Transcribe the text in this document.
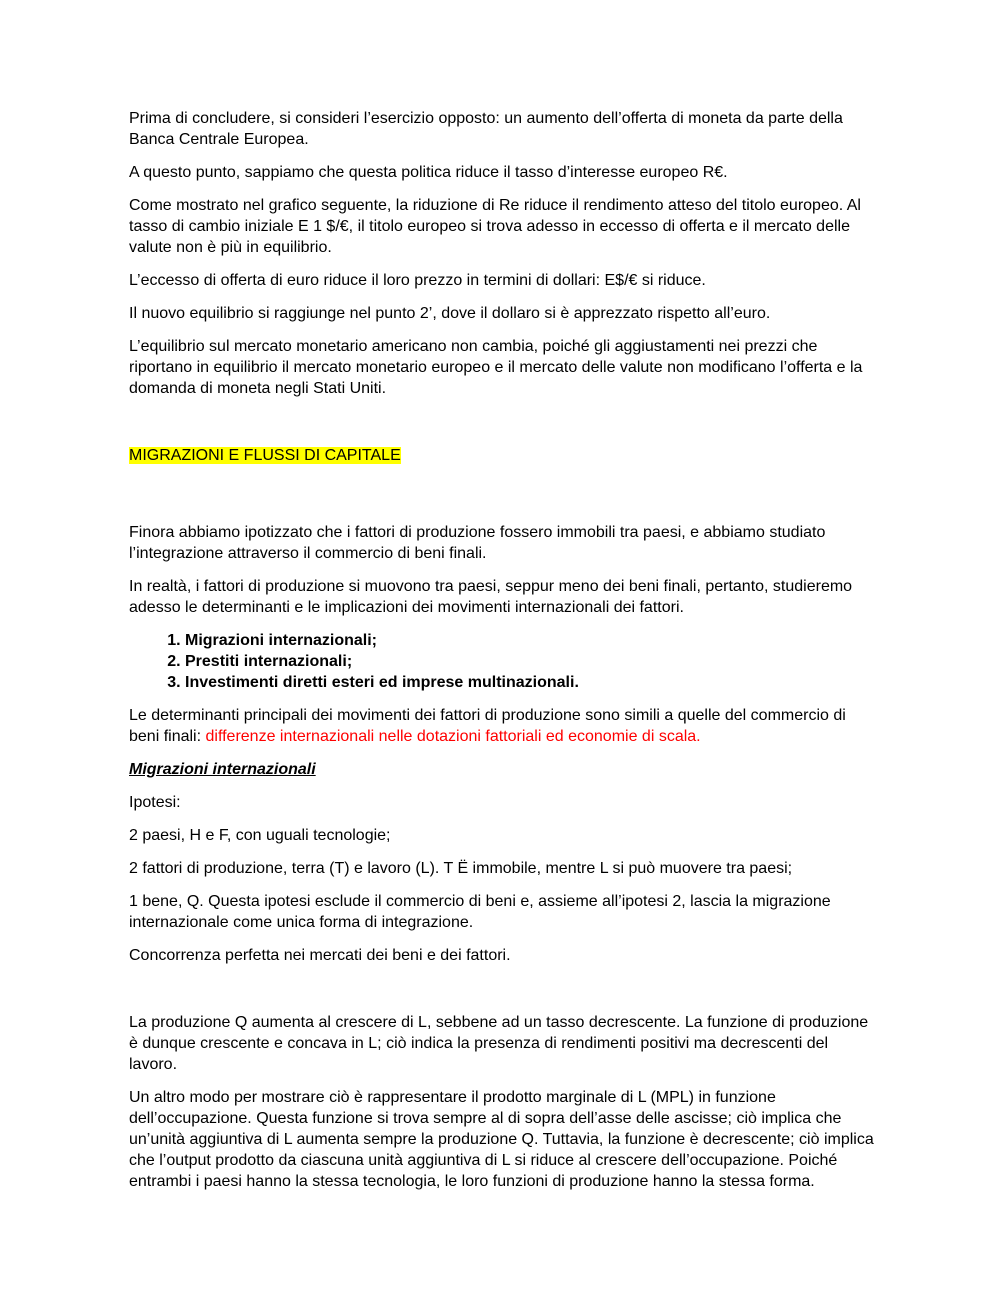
Prima di concludere, si consideri l’esercizio opposto: un aumento dell’offerta di moneta da parte della Banca Centrale Europea.

A questo punto, sappiamo che questa politica riduce il tasso d’interesse europeo R€.

Come mostrato nel grafico seguente, la riduzione di Re riduce il rendimento atteso del titolo europeo. Al tasso di cambio iniziale E 1 $/€, il titolo europeo si trova adesso in eccesso di offerta e il mercato delle valute non è più in equilibrio.

L’eccesso di offerta di euro riduce il loro prezzo in termini di dollari: E$/€ si riduce.

Il nuovo equilibrio si raggiunge nel punto 2’, dove il dollaro si è apprezzato rispetto all’euro.

L’equilibrio sul mercato monetario americano non cambia, poiché gli aggiustamenti nei prezzi che riportano in equilibrio il mercato monetario europeo e il mercato delle valute non modificano l’offerta e la domanda di moneta negli Stati Uniti.

MIGRAZIONI E FLUSSI DI CAPITALE

Finora abbiamo ipotizzato che i fattori di produzione fossero immobili tra paesi, e abbiamo studiato l’integrazione attraverso il commercio di beni finali.

In realtà, i fattori di produzione si muovono tra paesi, seppur meno dei beni finali, pertanto, studieremo adesso le determinanti e le implicazioni dei movimenti internazionali dei fattori.

1. Migrazioni internazionali;
2. Prestiti internazionali;
3. Investimenti diretti esteri ed imprese multinazionali.

Le determinanti principali dei movimenti dei fattori di produzione sono simili a quelle del commercio di beni finali: differenze internazionali nelle dotazioni fattoriali ed economie di scala.

Migrazioni internazionali

Ipotesi:

2 paesi, H e F, con uguali tecnologie;

2 fattori di produzione, terra (T) e lavoro (L). T Ë immobile, mentre L si può muovere tra paesi;

1 bene, Q. Questa ipotesi esclude il commercio di beni e, assieme all’ipotesi 2, lascia la migrazione internazionale come unica forma di integrazione.

Concorrenza perfetta nei mercati dei beni e dei fattori.

La produzione Q aumenta al crescere di L, sebbene ad un tasso decrescente. La funzione di produzione è dunque crescente e concava in L; ciò indica la presenza di rendimenti positivi ma decrescenti del lavoro.

Un altro modo per mostrare ciò è rappresentare il prodotto marginale di L (MPL) in funzione dell’occupazione. Questa funzione si trova sempre al di sopra dell’asse delle ascisse; ciò implica che un’unità aggiuntiva di L aumenta sempre la produzione Q. Tuttavia, la funzione è decrescente; ciò implica che l’output prodotto da ciascuna unità aggiuntiva di L si riduce al crescere dell’occupazione. Poiché entrambi i paesi hanno la stessa tecnologia, le loro funzioni di produzione hanno la stessa forma.
